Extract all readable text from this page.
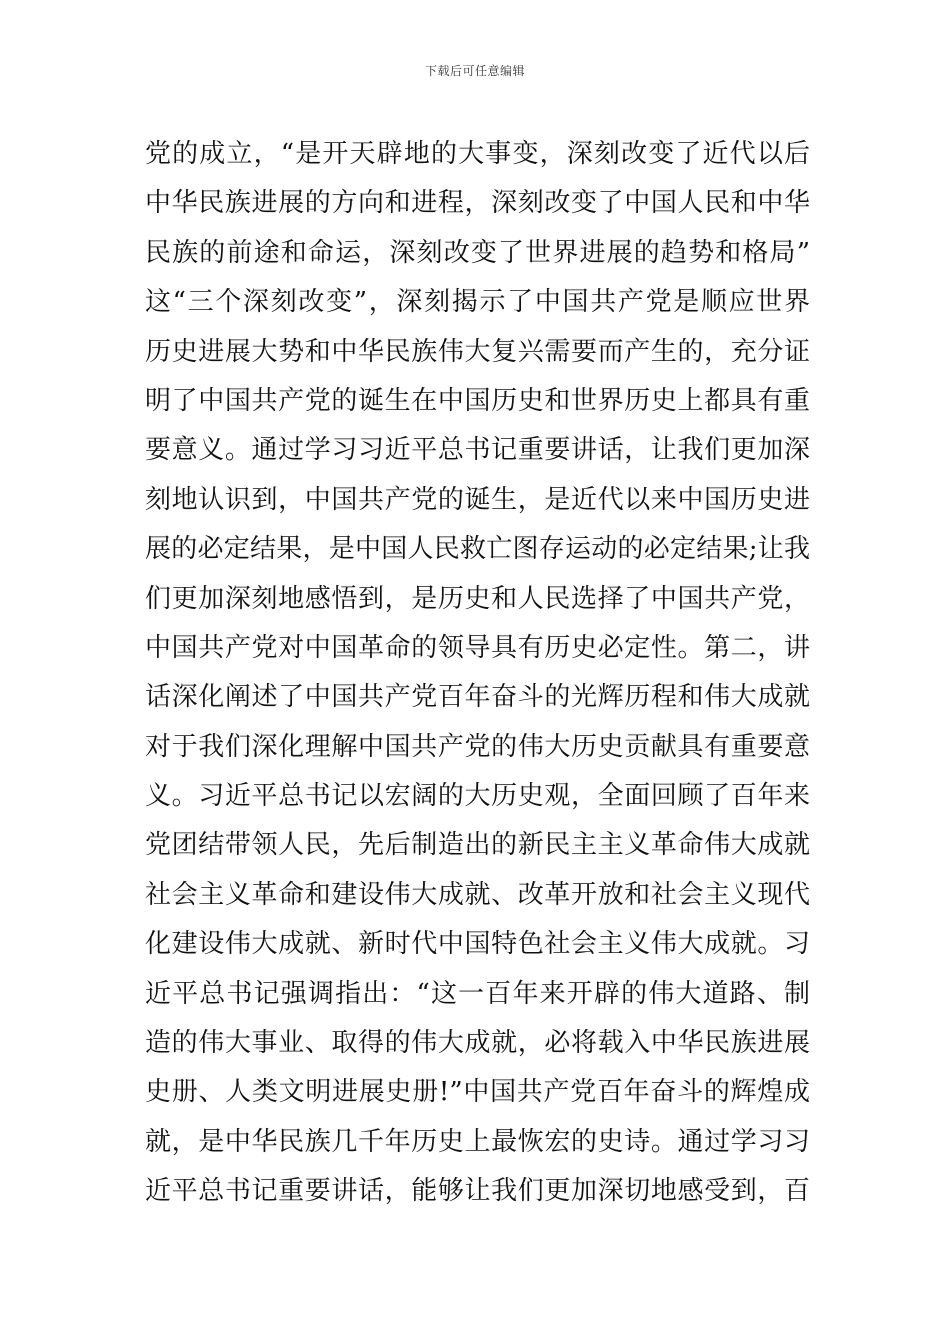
下载后可任意编辑
党的成立，“是开天辟地的大事变，深刻改变了近代以后
中华民族进展的方向和进程，深刻改变了中国人民和中华
民族的前途和命运，深刻改变了世界进展的趋势和格局”
这“三个深刻改变”，深刻揭示了中国共产党是顺应世界
历史进展大势和中华民族伟大复兴需要而产生的，充分证
明了中国共产党的诞生在中国历史和世界历史上都具有重
要意义。通过学习习近平总书记重要讲话，让我们更加深
刻地认识到，中国共产党的诞生，是近代以来中国历史进
展的必定结果，是中国人民救亡图存运动的必定结果;让我
们更加深刻地感悟到，是历史和人民选择了中国共产党，
中国共产党对中国革命的领导具有历史必定性。第二，讲
话深化阐述了中国共产党百年奋斗的光辉历程和伟大成就
对于我们深化理解中国共产党的伟大历史贡献具有重要意
义。习近平总书记以宏阔的大历史观，全面回顾了百年来
党团结带领人民，先后制造出的新民主主义革命伟大成就
社会主义革命和建设伟大成就、改革开放和社会主义现代
化建设伟大成就、新时代中国特色社会主义伟大成就。习
近平总书记强调指出：“这一百年来开辟的伟大道路、制
造的伟大事业、取得的伟大成就，必将载入中华民族进展
史册、人类文明进展史册!”中国共产党百年奋斗的辉煌成
就，是中华民族几千年历史上最恢宏的史诗。通过学习习
近平总书记重要讲话，能够让我们更加深切地感受到，百
